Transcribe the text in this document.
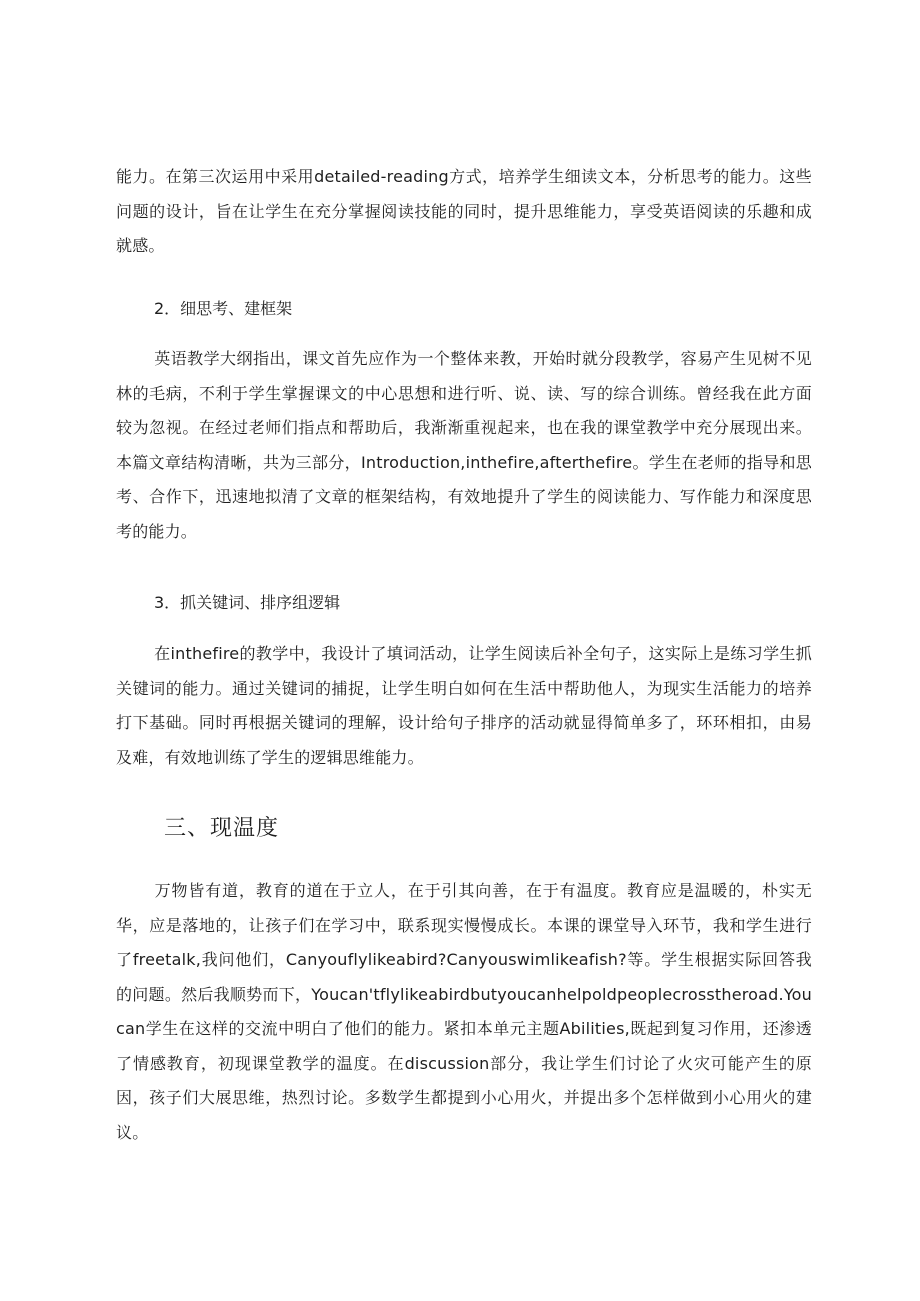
能力。在第三次运用中采用detailed-reading方式，培养学生细读文本，分析思考的能力。这些问题的设计，旨在让学生在充分掌握阅读技能的同时，提升思维能力，享受英语阅读的乐趣和成就感。

2．细思考、建框架

英语教学大纲指出，课文首先应作为一个整体来教，开始时就分段教学，容易产生见树不见林的毛病，不利于学生掌握课文的中心思想和进行听、说、读、写的综合训练。曾经我在此方面较为忽视。在经过老师们指点和帮助后，我渐渐重视起来，也在我的课堂教学中充分展现出来。本篇文章结构清晰，共为三部分，Introduction,inthefire,afterthefire。学生在老师的指导和思考、合作下，迅速地拟清了文章的框架结构，有效地提升了学生的阅读能力、写作能力和深度思考的能力。

3．抓关键词、排序组逻辑

在inthefire的教学中，我设计了填词活动，让学生阅读后补全句子，这实际上是练习学生抓关键词的能力。通过关键词的捕捉，让学生明白如何在生活中帮助他人，为现实生活能力的培养打下基础。同时再根据关键词的理解，设计给句子排序的活动就显得简单多了，环环相扣，由易及难，有效地训练了学生的逻辑思维能力。

三、现温度

万物皆有道，教育的道在于立人，在于引其向善，在于有温度。教育应是温暖的，朴实无华，应是落地的，让孩子们在学习中，联系现实慢慢成长。本课的课堂导入环节，我和学生进行了freetalk,我问他们，Canyouflylikeabird?Canyouswimlikeafish?等。学生根据实际回答我的问题。然后我顺势而下，Youcan'tflylikeabirdbutyoucanhelpoldpeoplecrosstheroad.Youcan学生在这样的交流中明白了他们的能力。紧扣本单元主题Abilities,既起到复习作用，还渗透了情感教育，初现课堂教学的温度。在discussion部分，我让学生们讨论了火灾可能产生的原因，孩子们大展思维，热烈讨论。多数学生都提到小心用火，并提出多个怎样做到小心用火的建议。
